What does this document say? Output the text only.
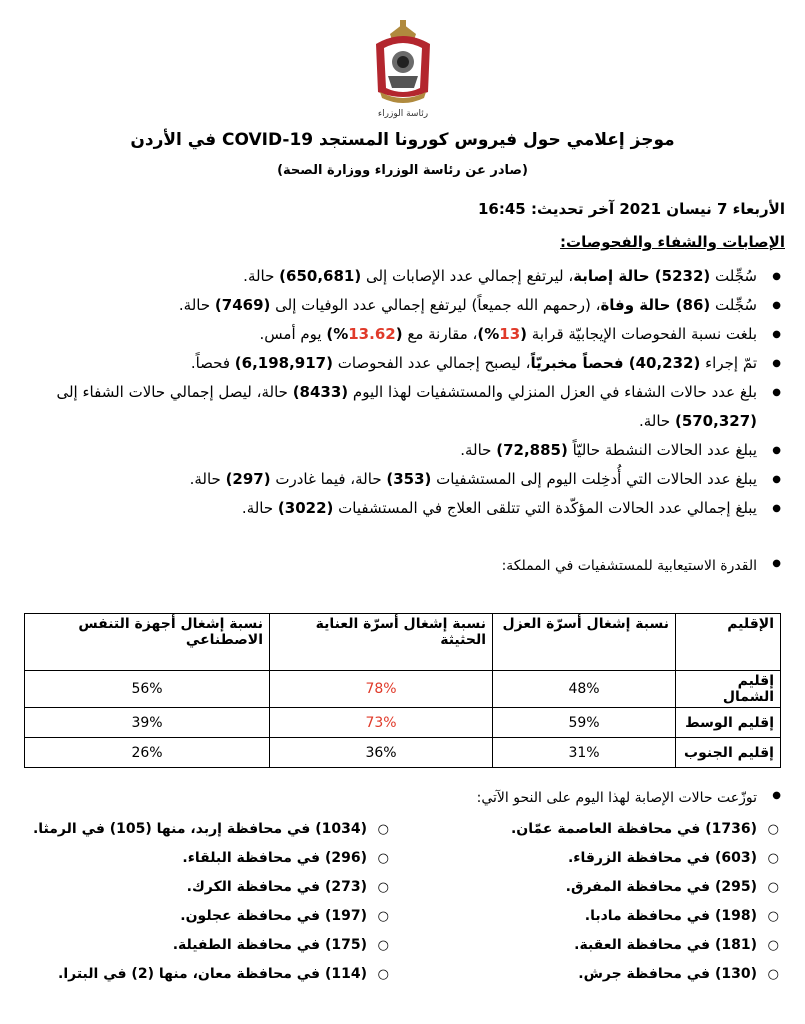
رئاسة الوزراء
موجز إعلامي حول فيروس كورونا المستجد COVID-19 في الأردن
(صادر عن رئاسة الوزراء ووزارة الصحة)
الأربعاء 7 نيسان 2021 آخر تحديث: 16:45
الإصابات والشفاء والفحوصات:
● سُجِّلت (5232) حالة إصابة، ليرتفع إجمالي عدد الإصابات إلى (650,681) حالة.
● سُجِّلت (86) حالة وفاة، (رحمهم الله جميعاً) ليرتفع إجمالي عدد الوفيات إلى (7469) حالة.
● بلغت نسبة الفحوصات الإيجابيّة قرابة (13%)، مقارنة مع (13.62%) يوم أمس.
● تمّ إجراء (40,232) فحصاً مخبريّاً، ليصبح إجمالي عدد الفحوصات (6,198,917) فحصاً.
● بلغ عدد حالات الشفاء في العزل المنزلي والمستشفيات لهذا اليوم (8433) حالة، ليصل إجمالي حالات الشفاء إلى (570,327) حالة.
● يبلغ عدد الحالات النشطة حاليّاً (72,885) حالة.
● يبلغ عدد الحالات التي أُدخِلت اليوم إلى المستشفيات (353) حالة، فيما غادرت (297) حالة.
● يبلغ إجمالي عدد الحالات المؤكّدة التي تتلقى العلاج في المستشفيات (3022) حالة.
● القدرة الاستيعابية للمستشفيات في المملكة:
الإقليم	نسبة إشغال أسرّة العزل	نسبة إشغال أسرّة العناية الحثيثة	نسبة إشغال أجهزة التنفس الاصطناعي
إقليم الشمال	48%	78%	56%
إقليم الوسط	59%	73%	39%
إقليم الجنوب	31%	36%	26%
● توزّعت حالات الإصابة لهذا اليوم على النحو الآتي:
○ (1736) في محافظة العاصمة عمّان.
○ (603) في محافظة الزرقاء.
○ (295) في محافظة المفرق.
○ (198) في محافظة مادبا.
○ (181) في محافظة العقبة.
○ (130) في محافظة جرش.
○ (1034) في محافظة إربد، منها (105) في الرمثا.
○ (296) في محافظة البلقاء.
○ (273) في محافظة الكرك.
○ (197) في محافظة عجلون.
○ (175) في محافظة الطفيلة.
○ (114) في محافظة معان، منها (2) في البترا.
